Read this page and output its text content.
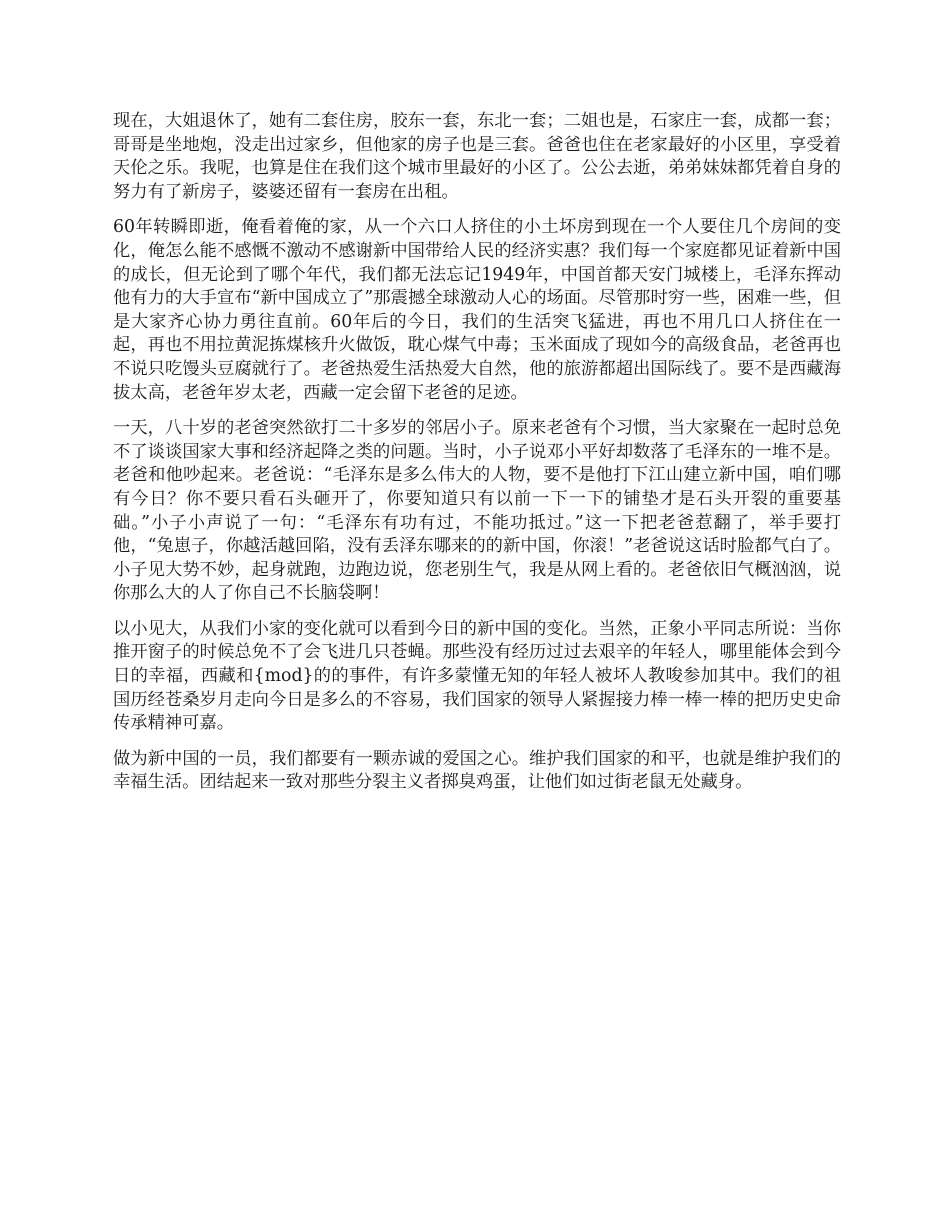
现在，大姐退休了，她有二套住房，胶东一套，东北一套；二姐也是，石家庄一套，成都一套；哥哥是坐地炮，没走出过家乡，但他家的房子也是三套。爸爸也住在老家最好的小区里，享受着天伦之乐。我呢，也算是住在我们这个城市里最好的小区了。公公去逝，弟弟妹妹都凭着自身的努力有了新房子，婆婆还留有一套房在出租。

60年转瞬即逝，俺看着俺的家，从一个六口人挤住的小土坏房到现在一个人要住几个房间的变化，俺怎么能不感慨不激动不感谢新中国带给人民的经济实惠？我们每一个家庭都见证着新中国的成长，但无论到了哪个年代，我们都无法忘记1949年，中国首都天安门城楼上，毛泽东挥动他有力的大手宣布“新中国成立了”那震撼全球激动人心的场面。尽管那时穷一些，困难一些，但是大家齐心协力勇往直前。60年后的今日，我们的生活突飞猛进，再也不用几口人挤住在一起，再也不用拉黄泥拣煤核升火做饭，耽心煤气中毒；玉米面成了现如今的高级食品，老爸再也不说只吃馒头豆腐就行了。老爸热爱生活热爱大自然，他的旅游都超出国际线了。要不是西藏海拔太高，老爸年岁太老，西藏一定会留下老爸的足迹。

一天，八十岁的老爸突然欲打二十多岁的邻居小子。原来老爸有个习惯，当大家聚在一起时总免不了谈谈国家大事和经济起降之类的问题。当时，小子说邓小平好却数落了毛泽东的一堆不是。老爸和他吵起来。老爸说：“毛泽东是多么伟大的人物，要不是他打下江山建立新中国，咱们哪有今日？你不要只看石头砸开了，你要知道只有以前一下一下的铺垫才是石头开裂的重要基础。”小子小声说了一句：“毛泽东有功有过，不能功抵过。”这一下把老爸惹翻了，举手要打他，“兔崽子，你越活越回陷，没有丢泽东哪来的的新中国，你滚！”老爸说这话时脸都气白了。小子见大势不妙，起身就跑，边跑边说，您老别生气，我是从网上看的。老爸依旧气概汹汹，说你那么大的人了你自己不长脑袋啊！

以小见大，从我们小家的变化就可以看到今日的新中国的变化。当然，正象小平同志所说：当你推开窗子的时候总免不了会飞进几只苍蝇。那些没有经历过过去艰辛的年轻人，哪里能体会到今日的幸福，西藏和{mod}的的事件，有许多蒙懂无知的年轻人被坏人教唆参加其中。我们的祖国历经苍桑岁月走向今日是多么的不容易，我们国家的领导人紧握接力棒一棒一棒的把历史史命传承精神可嘉。

做为新中国的一员，我们都要有一颗赤诚的爱国之心。维护我们国家的和平，也就是维护我们的幸福生活。团结起来一致对那些分裂主义者掷臭鸡蛋，让他们如过街老鼠无处藏身。
